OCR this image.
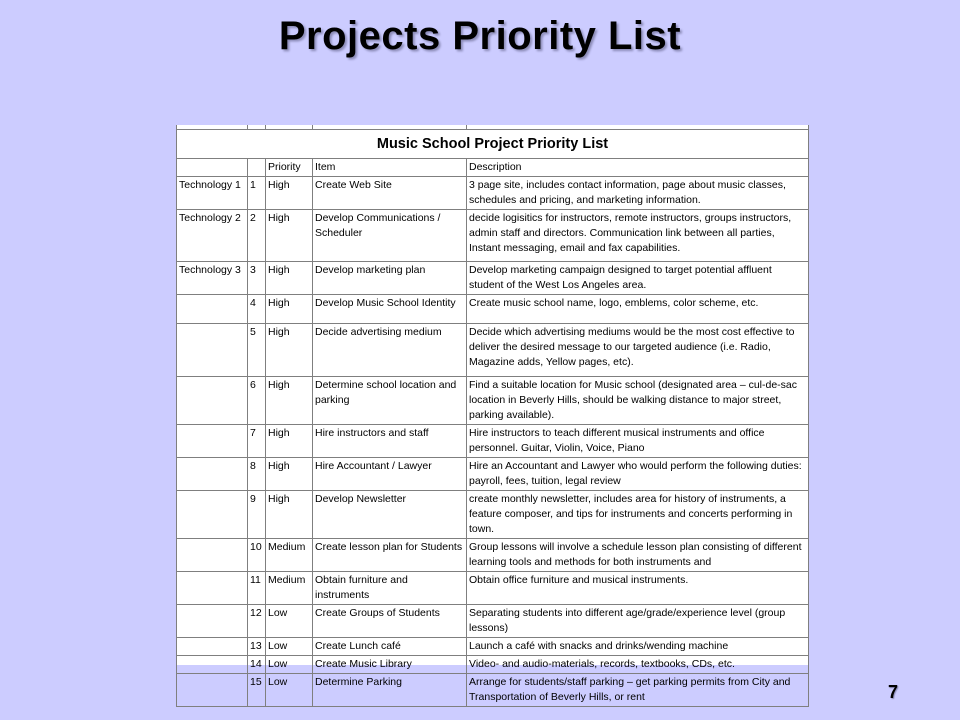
Projects Priority List

Music School Project Priority List				
		Priority	Item	Description
Technology 1	1	High	Create Web Site	3 page site, includes contact information, page about music classes, schedules and pricing, and marketing information.
Technology 2	2	High	Develop Communications / Scheduler	decide logisitics for instructors, remote instructors, groups instructors, admin staff and directors. Communication link between all parties, Instant messaging, email and fax capabilities.
Technology 3	3	High	Develop marketing plan	Develop marketing campaign designed to target potential affluent student of the West Los Angeles area.
	4	High	Develop Music School Identity	Create music school name, logo, emblems, color scheme, etc.
	5	High	Decide advertising medium	Decide which advertising mediums would be the most cost effective to deliver the desired message to our targeted audience (i.e. Radio, Magazine adds, Yellow pages, etc).
	6	High	Determine school location and parking	Find a suitable location for Music school (designated area – cul-de-sac location in Beverly Hills, should be walking distance to major street, parking available).
	7	High	Hire instructors and staff	Hire instructors to teach different musical instruments and office personnel. Guitar, Violin, Voice, Piano
	8	High	Hire Accountant / Lawyer	Hire an Accountant and Lawyer who would perform the following duties: payroll, fees, tuition, legal review
	9	High	Develop Newsletter	create monthly newsletter, includes area for history of instruments, a feature composer, and tips for instruments and concerts performing in town.
	10	Medium	Create lesson plan for Students	Group lessons will involve a schedule lesson plan consisting of different learning tools and methods for both instruments and
	11	Medium	Obtain furniture and instruments	Obtain office furniture and musical instruments.
	12	Low	Create Groups of Students	Separating students into different age/grade/experience level (group lessons)
	13	Low	Create Lunch café	Launch a café with snacks and drinks/wending machine
	14	Low	Create Music Library	Video- and audio-materials, records, textbooks, CDs, etc.
	15	Low	Determine Parking	Arrange for students/staff parking – get parking permits from City and Transportation of Beverly Hills, or rent	7
